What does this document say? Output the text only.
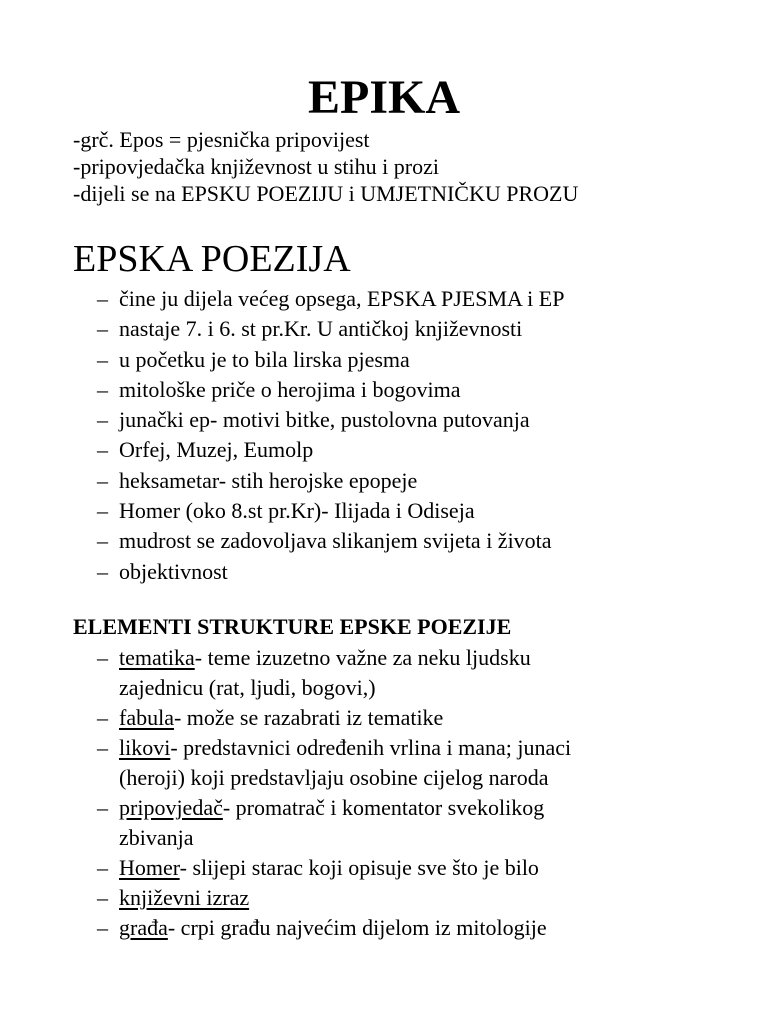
EPIKA
-grč. Epos = pjesnička pripovijest
-pripovjedačka književnost u stihu i prozi
-dijeli se na EPSKU POEZIJU i UMJETNIČKU PROZU
EPSKA POEZIJA
– čine ju dijela većeg opsega, EPSKA PJESMA i EP
– nastaje 7. i 6. st pr.Kr. U antičkoj književnosti
– u početku je to bila lirska pjesma
– mitološke priče o herojima i bogovima
– junački ep- motivi bitke, pustolovna putovanja
– Orfej, Muzej, Eumolp
– heksametar- stih herojske epopeje
– Homer (oko 8.st pr.Kr)- Ilijada i Odiseja
– mudrost se zadovoljava slikanjem svijeta i života
– objektivnost
ELEMENTI STRUKTURE EPSKE POEZIJE
– tematika- teme izuzetno važne za neku ljudsku
zajednicu (rat, ljudi, bogovi,)
– fabula- može se razabrati iz tematike
– likovi- predstavnici određenih vrlina i mana; junaci
(heroji) koji predstavljaju osobine cijelog naroda
– pripovjedač- promatrač i komentator svekolikog
zbivanja
– Homer- slijepi starac koji opisuje sve što je bilo
– književni izraz
– građa- crpi građu najvećim dijelom iz mitologije
